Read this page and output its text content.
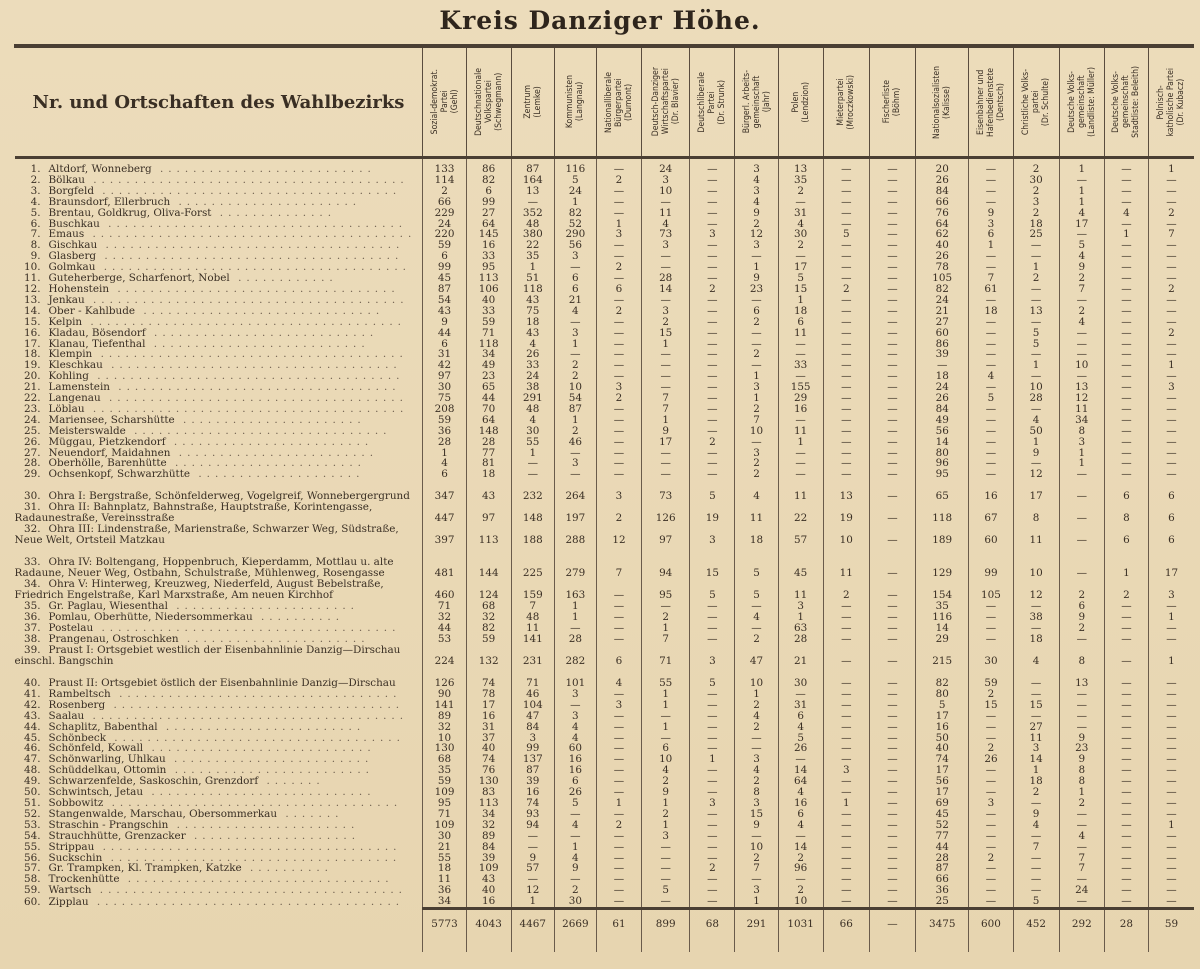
Kreis Danziger Höhe.

Nr. und Ortschaften des Wahlbezirks	Sozial-demokrat.
Partei
(Gehl)	Deutschnationale
Volkspartei
(Schwegmann)	Zentrum
(Lemke)	Kommunisten
(Langnau)	Nationalliberale
Bürgerpartei
(Dumont)	Deutsch-Danziger
Wirtschaftspartei
(Dr. Blavier)	Deutschliberale
Partei
(Dr. Strunk)	Bürgerl. Arbeits-
gemeinschaft
(Jahr)	Polen
(Lendzion)	Mieterpartei
(Mroczkowski)	Fischerliste
(Böhm)	Nationalsozialisten
(Kalisse)	Eisenbahner und
Hafenbedienstete
(Dentsch)	Christliche Volks-
partei
(Dr. Schulte)	Deutsche Volks-
gemeinschaft
(Landliste: Müller)	Deutsche Volks-
gemeinschaft
Stadtliste: Beleith)	Polnisch-
katholische Partei
(Dr. Kubacz)

1. Altdorf, Wonneberg ..........................	133	86	87	116	—	24	—	3	13	—	—	20	—	2	1	—	1
2. Bölkau ......................................	114	82	164	5	2	3	—	4	35	—	—	26	—	30	—	—	—
3. Borgfeld ....................................	2	6	13	24	—	10	—	3	2	—	—	84	—	2	1	—	—
4. Braunsdorf, Ellerbruch ......................	66	99	—	1	—	—	—	4	—	—	—	66	—	3	1	—	—
5. Brentau, Goldkrug, Oliva-Forst ..............	229	27	352	82	—	11	—	9	31	—	—	76	9	2	4	4	2
6. Buschkau ....................................	24	64	48	52	1	4	—	2	4	—	—	64	3	18	17	—	—
7. Emaus .......................................	220	145	380	290	3	73	3	12	30	5	—	62	6	25	—	1	7
8. Gischkau ....................................	59	16	22	56	—	3	—	3	2	—	—	40	1	—	5	—	—
9. Glasberg ....................................	6	33	35	3	—	—	—	—	—	—	—	26	—	—	4	—	—
10. Golmkau .....................................	99	95	1	—	2	—	—	1	17	—	—	78	—	1	9	—	—
11. Guteherberge, Scharfenort, Nobel ............	45	113	51	6	—	28	—	9	5	—	—	105	7	2	2	—	—
12. Hohenstein ..................................	87	106	118	6	6	14	2	23	15	2	—	82	61	—	7	—	2
13. Jenkau ......................................	54	40	43	21	—	—	—	—	1	—	—	24	—	—	—	—	—
14. Ober - Kahlbude .............................	43	33	75	4	2	3	—	6	18	—	—	21	18	13	2	—	—
15. Kelpin ......................................	9	59	18	—	—	2	—	2	6	—	—	27	—	—	4	—	—
16. Kladau, Bösendorf ...........................	44	71	43	3	—	15	—	—	11	—	—	60	—	5	—	—	2
17. Klanau, Tiefenthal ..........................	6	118	4	1	—	1	—	—	—	—	—	86	—	5	—	—	—
18. Klempin .....................................	31	34	26	—	—	—	—	2	—	—	—	39	—	—	—	—	—
19. Kleschkau ...................................	42	49	33	2	—	—	—	—	33	—	—	—	—	1	10	—	1
20. Kohling .....................................	97	23	24	2	—	—	—	1	—	—	—	18	4	—	—	—	—
21. Lamenstein ..................................	30	65	38	10	3	—	—	3	155	—	—	24	—	10	13	—	3
22. Langenau ....................................	75	44	291	54	2	7	—	1	29	—	—	26	5	28	12	—	—
23. Löblau ......................................	208	70	48	87	—	7	—	2	16	—	—	84	—	—	11	—	—
24. Mariensee, Scharshütte ......................	59	64	4	1	—	1	—	7	—	—	—	49	—	4	34	—	—
25. Meisterswalde ...............................	36	148	30	2	—	9	—	10	11	—	—	56	—	50	8	—	—
26. Müggau, Pietzkendorf ........................	28	28	55	46	—	17	2	—	1	—	—	14	—	1	3	—	—
27. Neuendorf, Maidahnen ........................	1	77	1	—	—	—	—	3	—	—	—	80	—	9	1	—	—
28. Oberhölle, Barenhütte .......................	4	81	—	3	—	—	—	2	—	—	—	96	—	—	1	—	—
29. Ochsenkopf, Schwarzhütte ....................	6	18	—	—	—	—	—	2	—	—	—	95	—	12	—	—	—
30. Ohra I: Bergstraße, Schönfelderweg, Vogelgreif, Wonnebergergrund	347	43	232	264	3	73	5	4	11	13	—	65	16	17	—	6	6
31. Ohra II: Bahnplatz, Bahnstraße, Hauptstraße, Korintengasse, Radaunestraße, Vereinsstraße	447	97	148	197	2	126	19	11	22	19	—	118	67	8	—	8	6
32. Ohra III: Lindenstraße, Marienstraße, Schwarzer Weg, Südstraße, Neue Welt, Ortsteil Matzkau	397	113	188	288	12	97	3	18	57	10	—	189	60	11	—	6	6
33. Ohra IV: Boltengang, Hoppenbruch, Kieperdamm, Mottlau u. alte Radaune, Neuer Weg, Ostbahn, Schulstraße, Mühlenweg, Rosengasse	481	144	225	279	7	94	15	5	45	11	—	129	99	10	—	1	17
34. Ohra V: Hinterweg, Kreuzweg, Niederfeld, August Bebelstraße, Friedrich Engelstraße, Karl Marxstraße, Am neuen Kirchhof	460	124	159	163	—	95	5	5	11	2	—	154	105	12	2	2	3
35. Gr. Paglau, Wiesenthal ......................	71	68	7	1	—	—	—	—	3	—	—	35	—	—	6	—	—
36. Pomlau, Oberhütte, Niedersommerkau ..........	32	32	48	1	—	2	—	4	1	—	—	116	—	38	9	—	1
37. Postelau ....................................	44	82	11	—	—	1	—	—	63	—	—	14	—	—	2	—	—
38. Prangenau, Ostroschken ......................	53	59	141	28	—	7	—	2	28	—	—	29	—	18	—	—	—
39. Praust I: Ortsgebiet westlich der Eisenbahnlinie Danzig—Dirschau einschl. Bangschin	224	132	231	282	6	71	3	47	21	—	—	215	30	4	8	—	1
40. Praust II: Ortsgebiet östlich der Eisenbahnlinie Danzig—Dirschau	126	74	71	101	4	55	5	10	30	—	—	82	59	—	13	—	—
41. Rambeltsch ..................................	90	78	46	3	—	1	—	1	—	—	—	80	2	—	—	—	—
42. Rosenberg ...................................	141	17	104	—	3	1	—	2	31	—	—	5	15	15	—	—	—
43. Saalau ......................................	89	16	47	3	—	—	—	4	6	—	—	17	—	—	—	—	—
44. Schaplitz, Babenthal ........................	32	31	84	4	—	1	—	2	4	—	—	16	—	27	—	—	—
45. Schönbeck ...................................	10	37	3	4	—	—	—	—	5	—	—	50	—	11	9	—	—
46. Schönfeld, Kowall ...........................	130	40	99	60	—	6	—	—	26	—	—	40	2	3	23	—	—
47. Schönwarling, Uhlkau ........................	68	74	137	16	—	10	1	3	—	—	—	74	26	14	9	—	—
48. Schüddelkau, Ottomin ........................	35	76	87	16	—	4	—	4	14	3	—	17	—	1	8	—	—
49. Schwarzenfelde, Saskoschin, Grenzdorf .......	59	130	39	6	—	2	—	2	64	—	—	56	—	18	8	—	—
50. Schwintsch, Jetau ...........................	109	83	16	26	—	9	—	8	4	—	—	17	—	2	1	—	—
51. Sobbowitz ...................................	95	113	74	5	1	1	3	3	16	1	—	69	3	—	2	—	—
52. Stangenwalde, Marschau, Obersommerkau .......	71	34	93	—	—	2	—	15	6	—	—	45	—	9	—	—	—
53. Straschin - Prangschin ......................	109	32	94	4	2	1	—	9	4	—	—	52	—	4	—	—	1
54. Strauchhütte, Grenzacker ....................	30	89	—	—	—	3	—	—	—	—	—	77	—	—	4	—	—
55. Strippau ....................................	21	84	—	1	—	—	—	10	14	—	—	44	—	7	—	—	—
56. Suckschin ...................................	55	39	9	4	—	—	—	2	2	—	—	28	2	—	7	—	—
57. Gr. Trampken, Kl. Trampken, Katzke ..........	18	109	57	9	—	—	2	7	96	—	—	87	—	—	7	—	—
58. Trockenhütte ................................	11	43	—	—	—	—	—	—	—	—	—	66	—	—	—	—	—
59. Wartsch .....................................	36	40	12	2	—	5	—	3	2	—	—	36	—	—	24	—	—
60. Zipplau .....................................	34	16	1	30	—	—	—	1	10	—	—	25	—	5	—	—	—
	5773	4043	4467	2669	61	899	68	291	1031	66	—	3475	600	452	292	28	59
